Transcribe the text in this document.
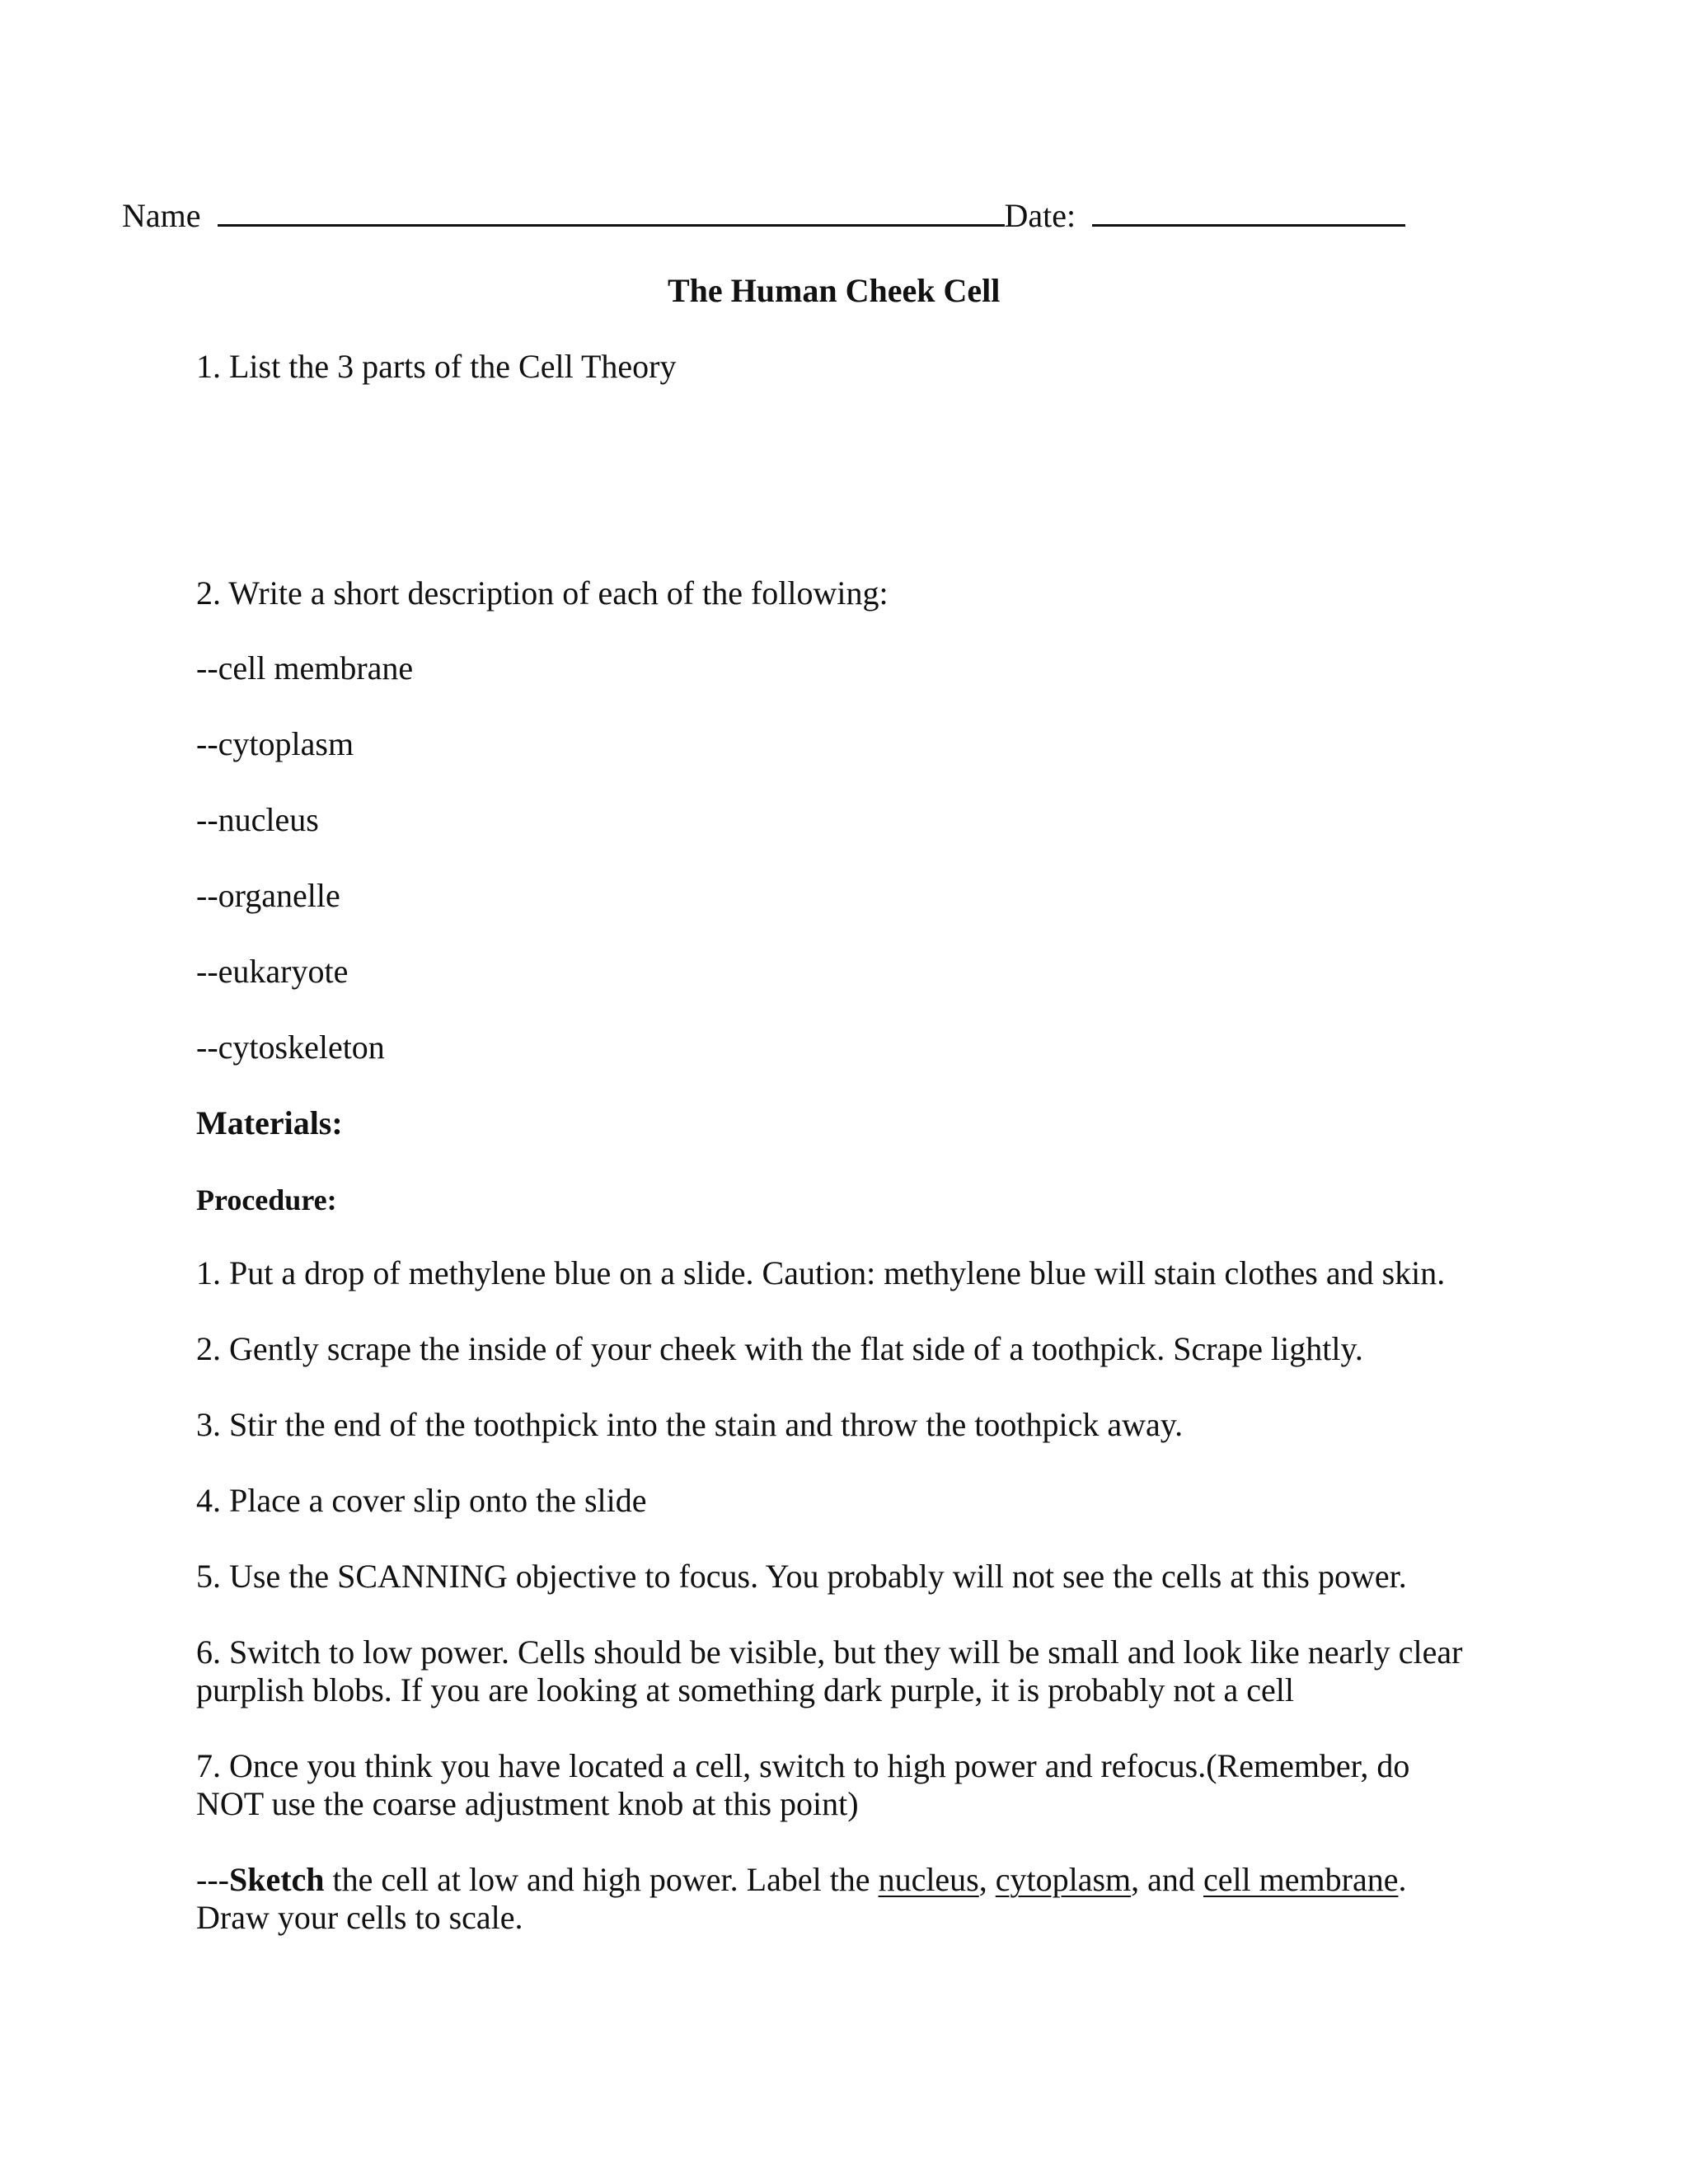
Name	Date:
The Human Cheek Cell
1. List the 3 parts of the Cell Theory
2. Write a short description of each of the following:
--cell membrane
--cytoplasm
--nucleus
--organelle
--eukaryote
--cytoskeleton
Materials:
Procedure:
1. Put a drop of methylene blue on a slide. Caution: methylene blue will stain clothes and skin.
2. Gently scrape the inside of your cheek with the flat side of a toothpick. Scrape lightly.
3. Stir the end of the toothpick into the stain and throw the toothpick away.
4. Place a cover slip onto the slide
5. Use the SCANNING objective to focus. You probably will not see the cells at this power.
6. Switch to low power. Cells should be visible, but they will be small and look like nearly clear
purplish blobs. If you are looking at something dark purple, it is probably not a cell
7. Once you think you have located a cell, switch to high power and refocus.(Remember, do
NOT use the coarse adjustment knob at this point)
---Sketch the cell at low and high power. Label the nucleus, cytoplasm, and cell membrane.
Draw your cells to scale.
